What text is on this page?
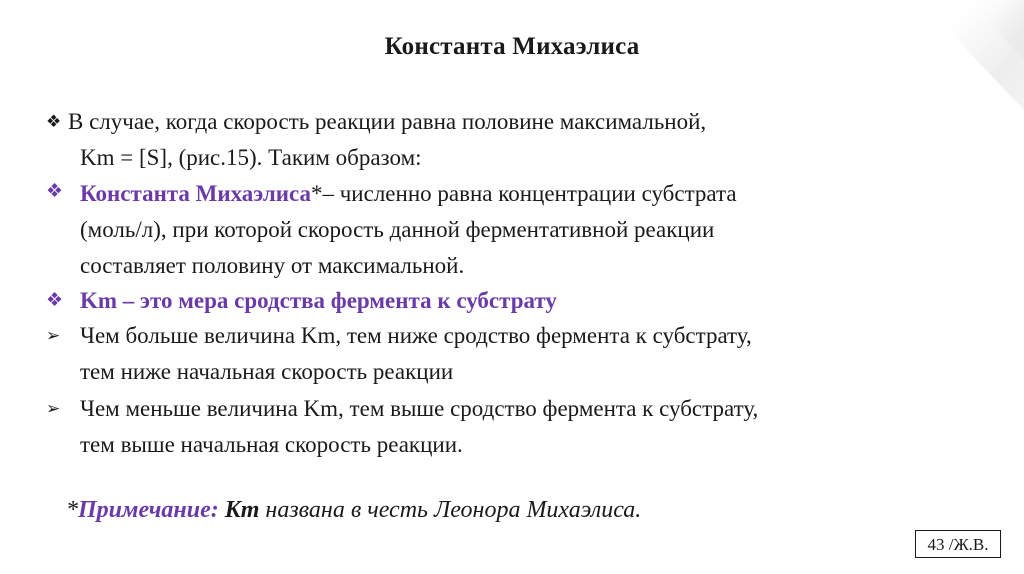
Константа Михаэлиса
❖ В случае, когда скорость реакции равна половине максимальной,
Km = [S], (рис.15). Таким образом:
❖ Константа Михаэлиса*– численно равна концентрации субстрата
(моль/л), при которой скорость данной ферментативной реакции
составляет половину от максимальной.
❖ Km – это мера сродства фермента к субстрату
➢ Чем больше величина Km, тем ниже сродство фермента к субстрату,
тем ниже начальная скорость реакции
➢ Чем меньше величина Km, тем выше сродство фермента к субстрату,
тем выше начальная скорость реакции.
*Примечание: Km названа в честь Леонора Михаэлиса.
43 /Ж.В.
